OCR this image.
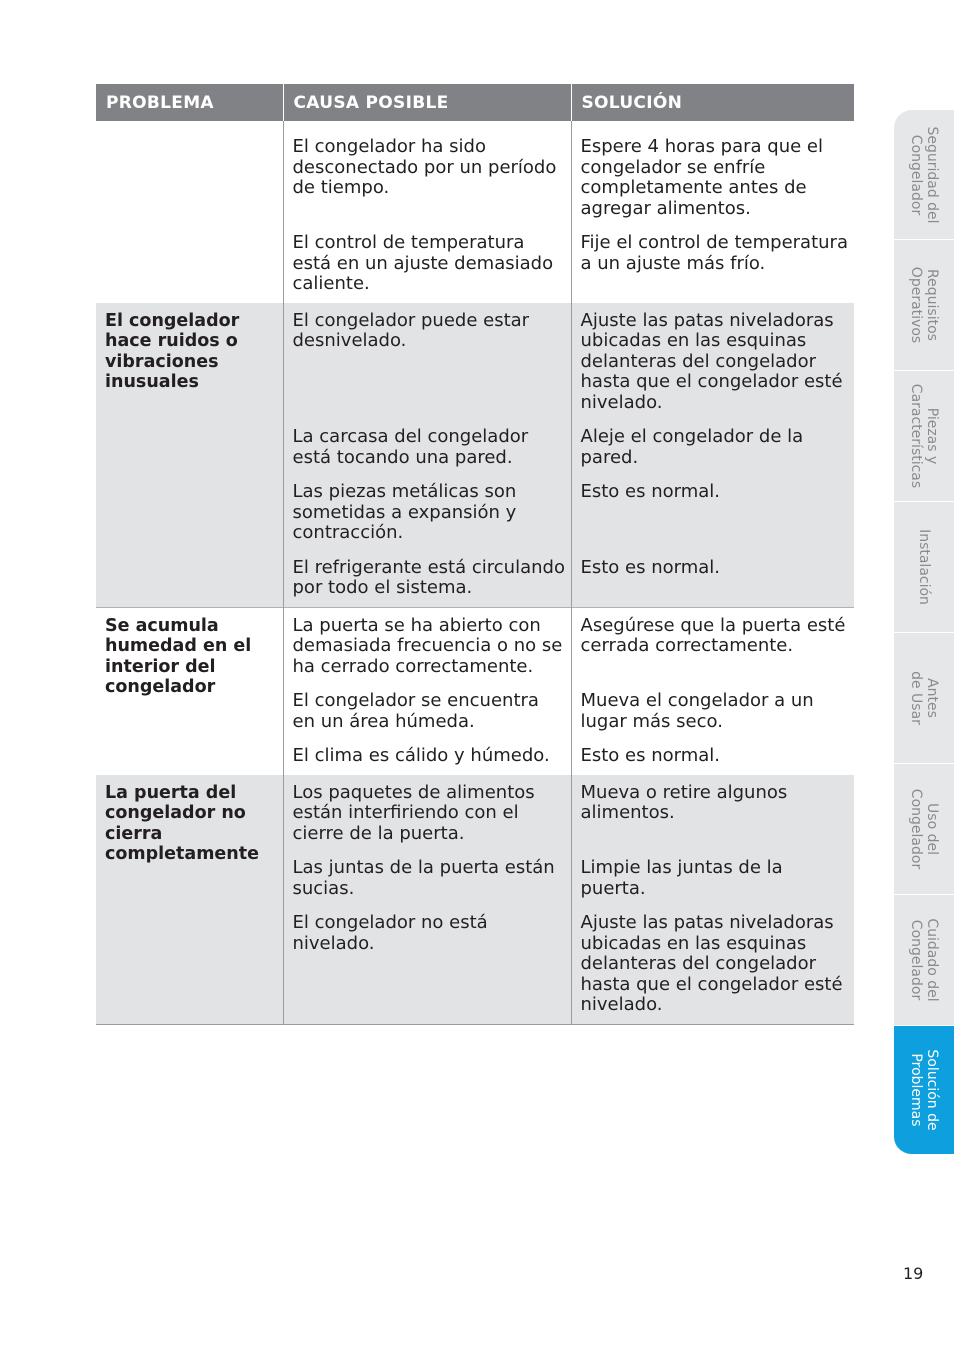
PROBLEMA	CAUSA POSIBLE	SOLUCIÓN
	El congelador ha sido desconectado por un período de tiempo.	Espere 4 horas para que el congelador se enfríe completamente antes de agregar alimentos.
	El control de temperatura está en un ajuste demasiado caliente.	Fije el control de temperatura a un ajuste más frío.
El congelador hace ruidos o vibraciones inusuales	El congelador puede estar desnivelado.	Ajuste las patas niveladoras ubicadas en las esquinas delanteras del congelador hasta que el congelador esté nivelado.
	La carcasa del congelador está tocando una pared.	Aleje el congelador de la pared.
	Las piezas metálicas son sometidas a expansión y contracción.	Esto es normal.
	El refrigerante está circulando por todo el sistema.	Esto es normal.
Se acumula humedad en el interior del congelador	La puerta se ha abierto con demasiada frecuencia o no se ha cerrado correctamente.	Asegúrese que la puerta esté cerrada correctamente.
	El congelador se encuentra en un área húmeda.	Mueva el congelador a un lugar más seco.
	El clima es cálido y húmedo.	Esto es normal.
La puerta del congelador no cierra completamente	Los paquetes de alimentos están interfiriendo con el cierre de la puerta.	Mueva o retire algunos alimentos.
	Las juntas de la puerta están sucias.	Limpie las juntas de la puerta.
	El congelador no está nivelado.	Ajuste las patas niveladoras ubicadas en las esquinas delanteras del congelador hasta que el congelador esté nivelado.
Seguridad del
Congelador
Requisitos
Operativos
Piezas y
Características
Instalación
Antes
de Usar
Uso del
Congelador
Cuidado del
Congelador
Solución de
Problemas
19
